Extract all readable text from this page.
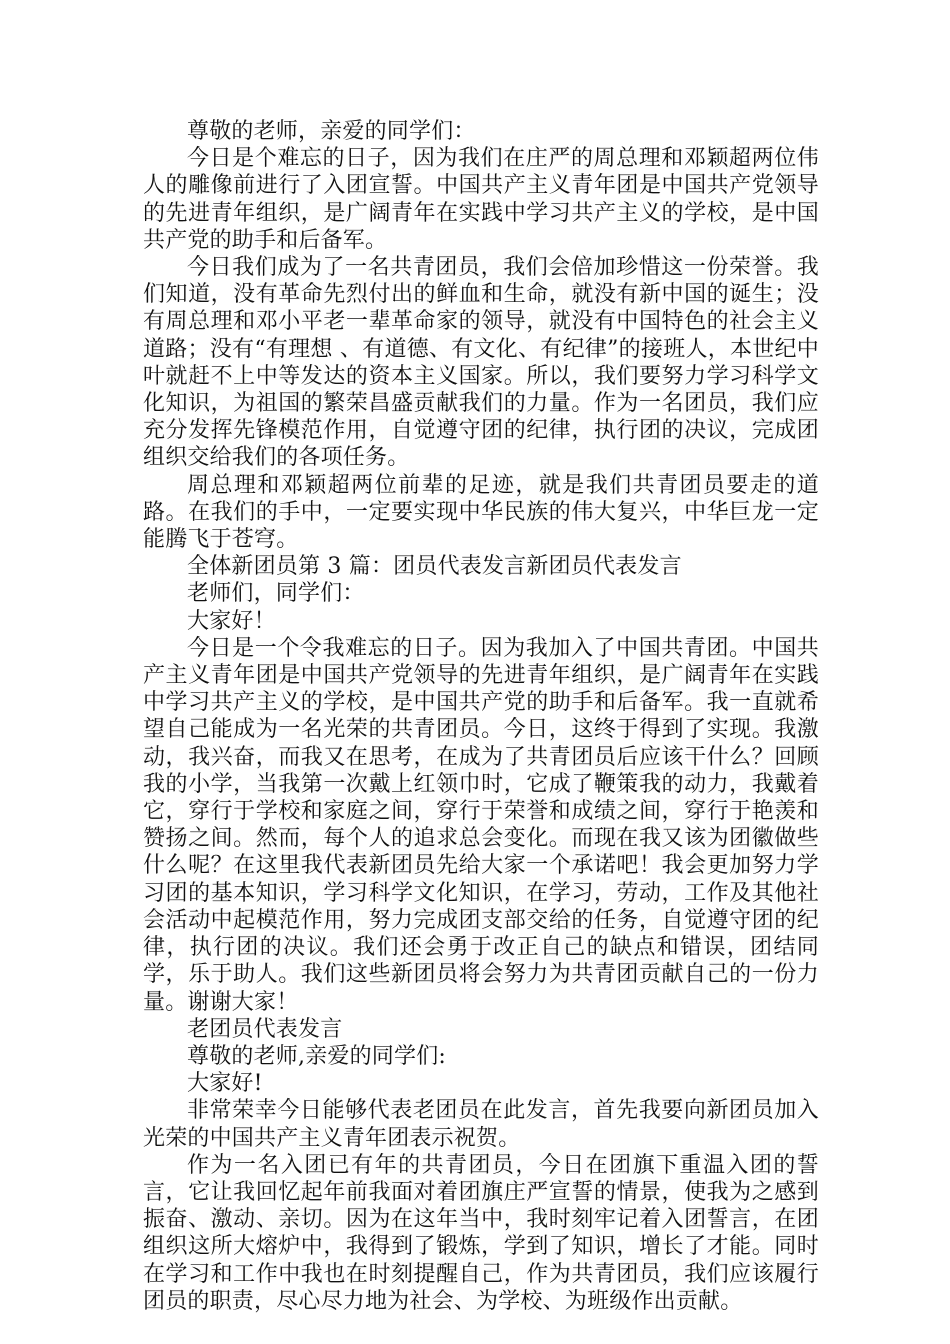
尊敬的老师，亲爱的同学们：

今日是个难忘的日子，因为我们在庄严的周总理和邓颖超两位伟人的雕像前进行了入团宣誓。中国共产主义青年团是中国共产党领导的先进青年组织，是广阔青年在实践中学习共产主义的学校，是中国共产党的助手和后备军。

今日我们成为了一名共青团员，我们会倍加珍惜这一份荣誉。我们知道，没有革命先烈付出的鲜血和生命，就没有新中国的诞生；没有周总理和邓小平老一辈革命家的领导，就没有中国特色的社会主义道路；没有“有理想 、有道德、有文化、有纪律”的接班人，本世纪中叶就赶不上中等发达的资本主义国家。所以，我们要努力学习科学文化知识，为祖国的繁荣昌盛贡献我们的力量。作为一名团员，我们应充分发挥先锋模范作用，自觉遵守团的纪律，执行团的决议，完成团组织交给我们的各项任务。

周总理和邓颖超两位前辈的足迹，就是我们共青团员要走的道路。在我们的手中，一定要实现中华民族的伟大复兴，中华巨龙一定能腾飞于苍穹。

全体新团员第 3 篇：团员代表发言新团员代表发言

老师们，同学们：

大家好！

今日是一个令我难忘的日子。因为我加入了中国共青团。中国共产主义青年团是中国共产党领导的先进青年组织，是广阔青年在实践中学习共产主义的学校，是中国共产党的助手和后备军。我一直就希望自己能成为一名光荣的共青团员。今日，这终于得到了实现。我激动，我兴奋，而我又在思考，在成为了共青团员后应该干什么？回顾我的小学，当我第一次戴上红领巾时，它成了鞭策我的动力，我戴着它，穿行于学校和家庭之间，穿行于荣誉和成绩之间，穿行于艳羡和赞扬之间。然而，每个人的追求总会变化。而现在我又该为团徽做些什么呢？在这里我代表新团员先给大家一个承诺吧！我会更加努力学习团的基本知识，学习科学文化知识，在学习，劳动，工作及其他社会活动中起模范作用，努力完成团支部交给的任务，自觉遵守团的纪律，执行团的决议。我们还会勇于改正自己的缺点和错误，团结同学，乐于助人。我们这些新团员将会努力为共青团贡献自己的一份力量。谢谢大家！

老团员代表发言

尊敬的老师,亲爱的同学们:

大家好!

非常荣幸今日能够代表老团员在此发言，首先我要向新团员加入光荣的中国共产主义青年团表示祝贺。

作为一名入团已有年的共青团员，今日在团旗下重温入团的誓言，它让我回忆起年前我面对着团旗庄严宣誓的情景，使我为之感到振奋、激动、亲切。因为在这年当中，我时刻牢记着入团誓言，在团组织这所大熔炉中，我得到了锻炼，学到了知识，增长了才能。同时在学习和工作中我也在时刻提醒自己，作为共青团员，我们应该履行团员的职责，尽心尽力地为社会、为学校、为班级作出贡献。
